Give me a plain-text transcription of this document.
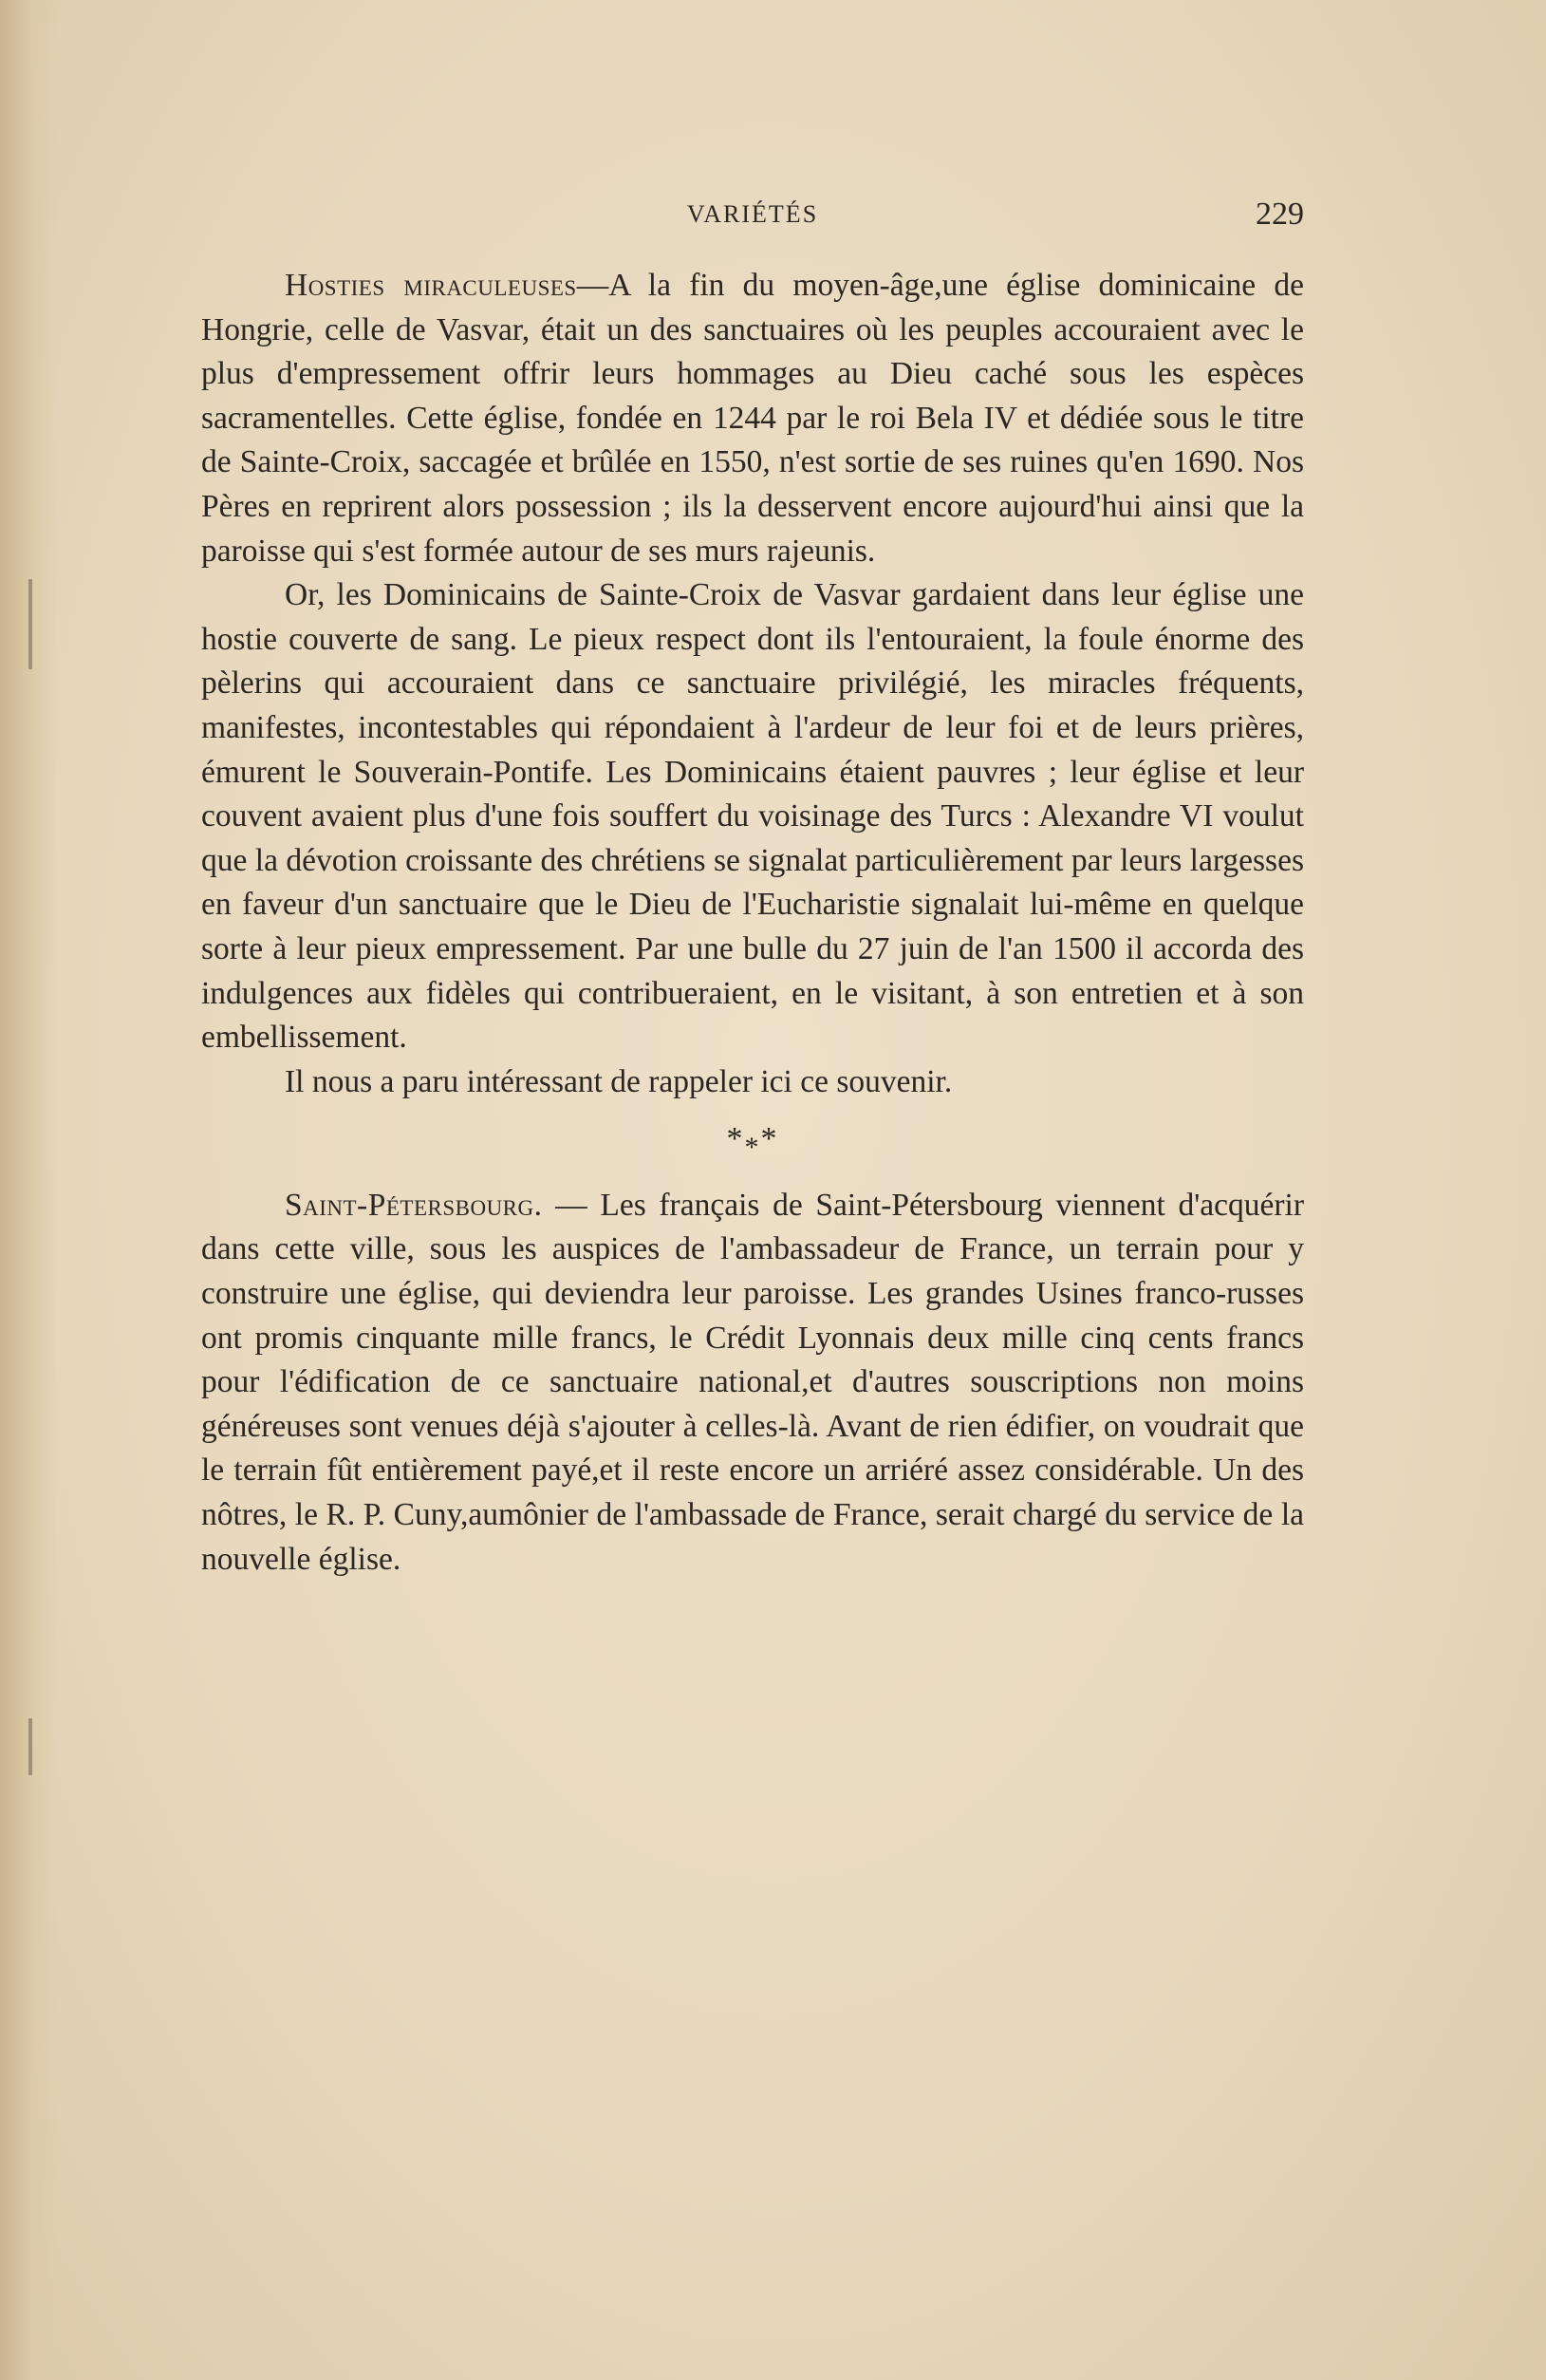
VARIÉTÉS	229

Hosties miraculeuses—A la fin du moyen-âge,une église dominicaine de Hongrie, celle de Vasvar, était un des sanctuaires où les peuples accouraient avec le plus d'empressement offrir leurs hommages au Dieu caché sous les espèces sacramentelles. Cette église, fondée en 1244 par le roi Bela IV et dédiée sous le titre de Sainte-Croix, saccagée et brûlée en 1550, n'est sortie de ses ruines qu'en 1690. Nos Pères en reprirent alors possession ; ils la desservent encore aujourd'hui ainsi que la paroisse qui s'est formée autour de ses murs rajeunis.

Or, les Dominicains de Sainte-Croix de Vasvar gardaient dans leur église une hostie couverte de sang. Le pieux respect dont ils l'entouraient, la foule énorme des pèlerins qui accouraient dans ce sanctuaire privilégié, les miracles fréquents, manifestes, incontestables qui répondaient à l'ardeur de leur foi et de leurs prières, émurent le Souverain-Pontife. Les Dominicains étaient pauvres ; leur église et leur couvent avaient plus d'une fois souffert du voisinage des Turcs : Alexandre VI voulut que la dévotion croissante des chrétiens se signalat particulièrement par leurs largesses en faveur d'un sanctuaire que le Dieu de l'Eucharistie signalait lui-même en quelque sorte à leur pieux empressement. Par une bulle du 27 juin de l'an 1500 il accorda des indulgences aux fidèles qui contribueraient, en le visitant, à son entretien et à son embellissement.

Il nous a paru intéressant de rappeler ici ce souvenir.

***

Saint-Pétersbourg. — Les français de Saint-Pétersbourg viennent d'acquérir dans cette ville, sous les auspices de l'ambassadeur de France, un terrain pour y construire une église, qui deviendra leur paroisse. Les grandes Usines franco-russes ont promis cinquante mille francs, le Crédit Lyonnais deux mille cinq cents francs pour l'édification de ce sanctuaire national,et d'autres souscriptions non moins généreuses sont venues déjà s'ajouter à celles-là. Avant de rien édifier, on voudrait que le terrain fût entièrement payé,et il reste encore un arriéré assez considérable. Un des nôtres, le R. P. Cuny,aumônier de l'ambassade de France, serait chargé du service de la nouvelle église.
